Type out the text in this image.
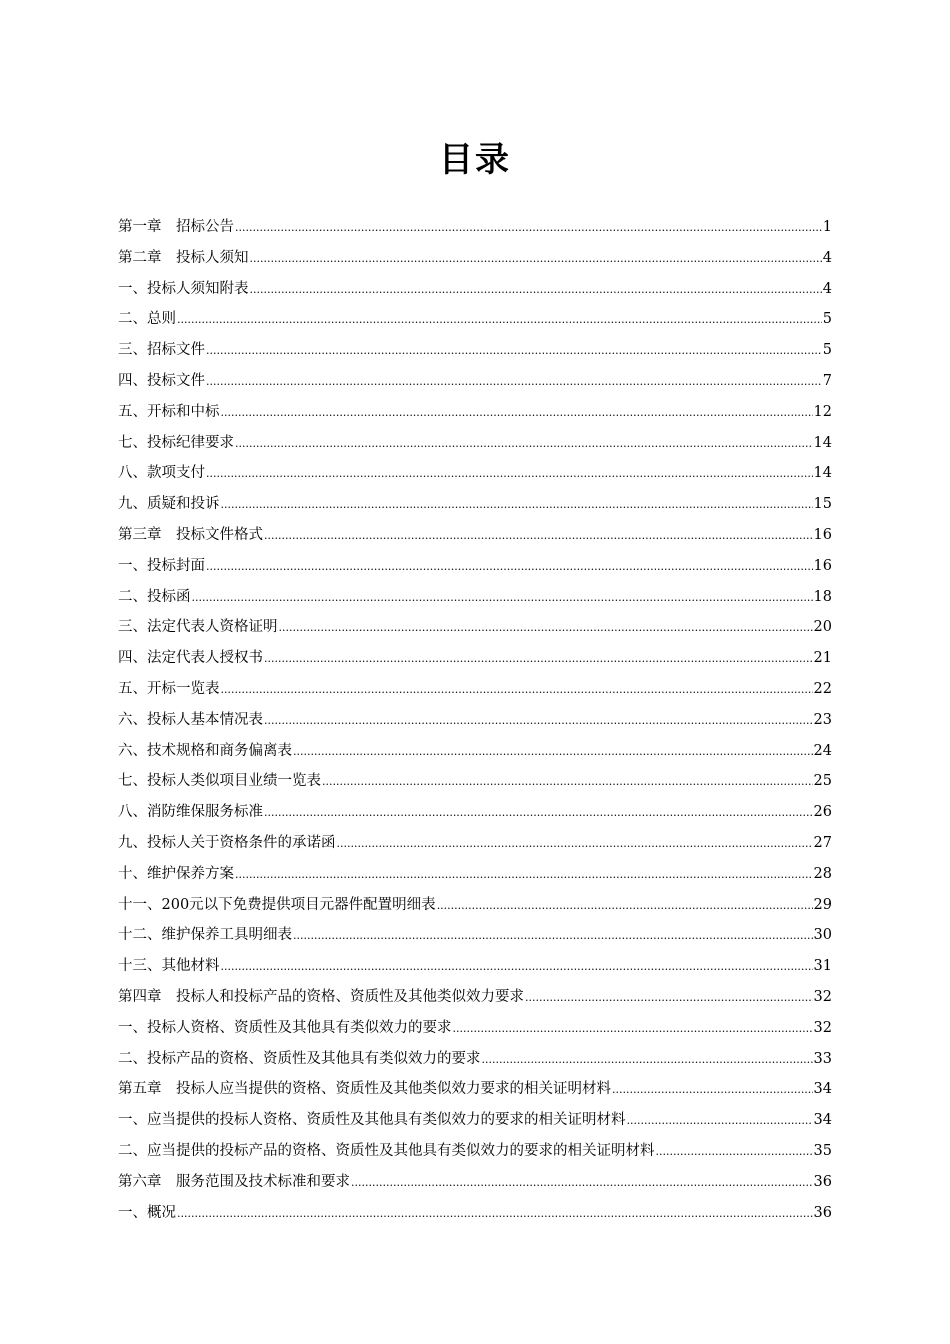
目录
第一章　招标公告 .....	1
第二章　投标人须知 .....	4
一、投标人须知附表 .....	4
二、总则 .....	5
三、招标文件 .....	5
四、投标文件 .....	7
五、开标和中标 .....	12
七、投标纪律要求 .....	14
八、款项支付 .....	14
九、质疑和投诉 .....	15
第三章　投标文件格式 .....	16
一、投标封面 .....	16
二、投标函 .....	18
三、法定代表人资格证明 .....	20
四、法定代表人授权书 .....	21
五、开标一览表 .....	22
六、投标人基本情况表 .....	23
六、技术规格和商务偏离表 .....	24
七、投标人类似项目业绩一览表 .....	25
八、消防维保服务标准 .....	26
九、投标人关于资格条件的承诺函 .....	27
十、维护保养方案 .....	28
十一、200元以下免费提供项目元器件配置明细表 .....	29
十二、维护保养工具明细表 .....	30
十三、其他材料 .....	31
第四章　投标人和投标产品的资格、资质性及其他类似效力要求 .....	32
一、投标人资格、资质性及其他具有类似效力的要求 .....	32
二、投标产品的资格、资质性及其他具有类似效力的要求 .....	33
第五章　投标人应当提供的资格、资质性及其他类似效力要求的相关证明材料 .....	34
一、应当提供的投标人资格、资质性及其他具有类似效力的要求的相关证明材料 .....	34
二、应当提供的投标产品的资格、资质性及其他具有类似效力的要求的相关证明材料 .....	35
第六章　服务范围及技术标准和要求 .....	36
一、概况 .....	36
